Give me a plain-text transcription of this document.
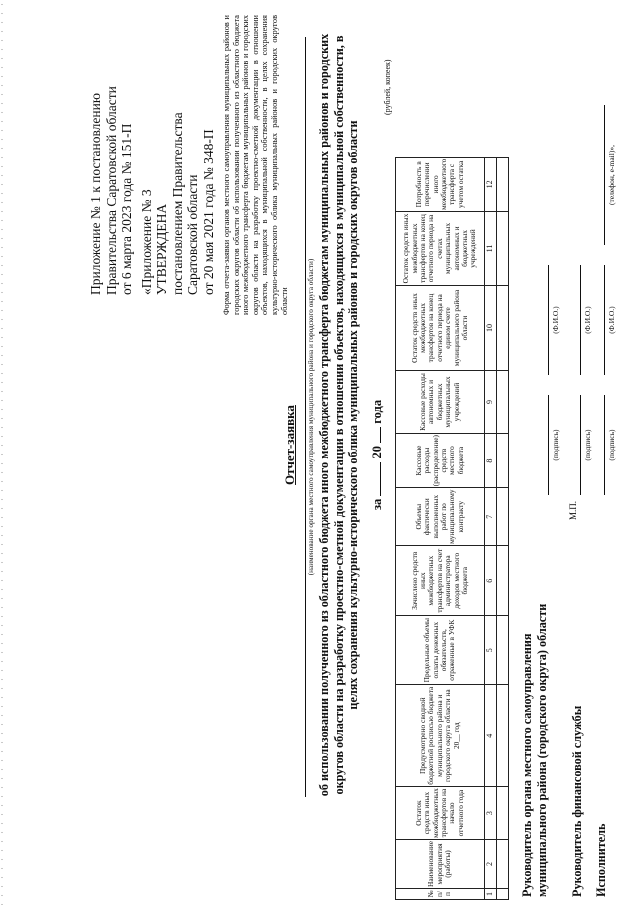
Приложение № 1 к постановлению Правительства Саратовской области от 6 марта 2023 года № 151-П «Приложение № 3 УТВЕРЖДЕНА постановлением Правительства Саратовской области от 20 мая 2021 года № 348-П Форма отчета-заявки органов местного самоуправления муниципальных районов и городских округов области об использовании полученного из областного бюджета иного межбюджетного трансферта бюджетам муниципальных районов и городских округов области на разработку проектно-сметной документации в отношении объектов, находящихся в муниципальной собственности, в целях сохранения культурно-исторического облика муниципальных районов и городских округов области
Отчет-заявка (наименование органа местного самоуправления муниципального района и городского округа области) об использовании полученного из областного бюджета иного межбюджетного трансферта бюджетам муниципальных районов и городских округов области на разработку проектно-сметной документации в отношении объектов, находящихся в муниципальной собственности, в целях сохранения культурно-исторического облика муниципальных районов и городских округов области за  20  года
(рублей, копеек)
№ п/п	Наименование мероприятия (работы)	Остаток средств иных межбюджетных трансфертов на начало отчетного года	Предусмотрено сводной бюджетной росписью бюджета муниципального района и городского округа области на 20__ год	Предельные объемы оплаты денежных обязательств, отраженные в УФК	Зачислено средств иных межбюджетных трансфертов на счет администратора доходов местного бюджета	Объемы фактически выполненных работ по муниципальному контракту	Кассовые расходы (распределение) средств местного бюджета	Кассовые расходы автономных и бюджетных муниципальных учреждений	Остаток средств иных межбюджетных трансфертов на конец отчетного периода на едином счете муниципального района области	Остаток средств иных межбюджетных трансфертов на конец отчетного периода на счетах муниципальных автономных и бюджетных учреждений	Потребность в перечислении иного межбюджетного трансферта с учетом остатка
1	2	3	4	5	6	7	8	9	10	11	12

Руководитель органа местного самоуправления муниципального района (городского округа) области
(подпись)
(Ф.И.О.)
М.П.
Руководитель финансовой службы
(подпись)
(Ф.И.О.)
Исполнитель
(подпись)
(Ф.И.О.)
(телефон, e-mail)»,
